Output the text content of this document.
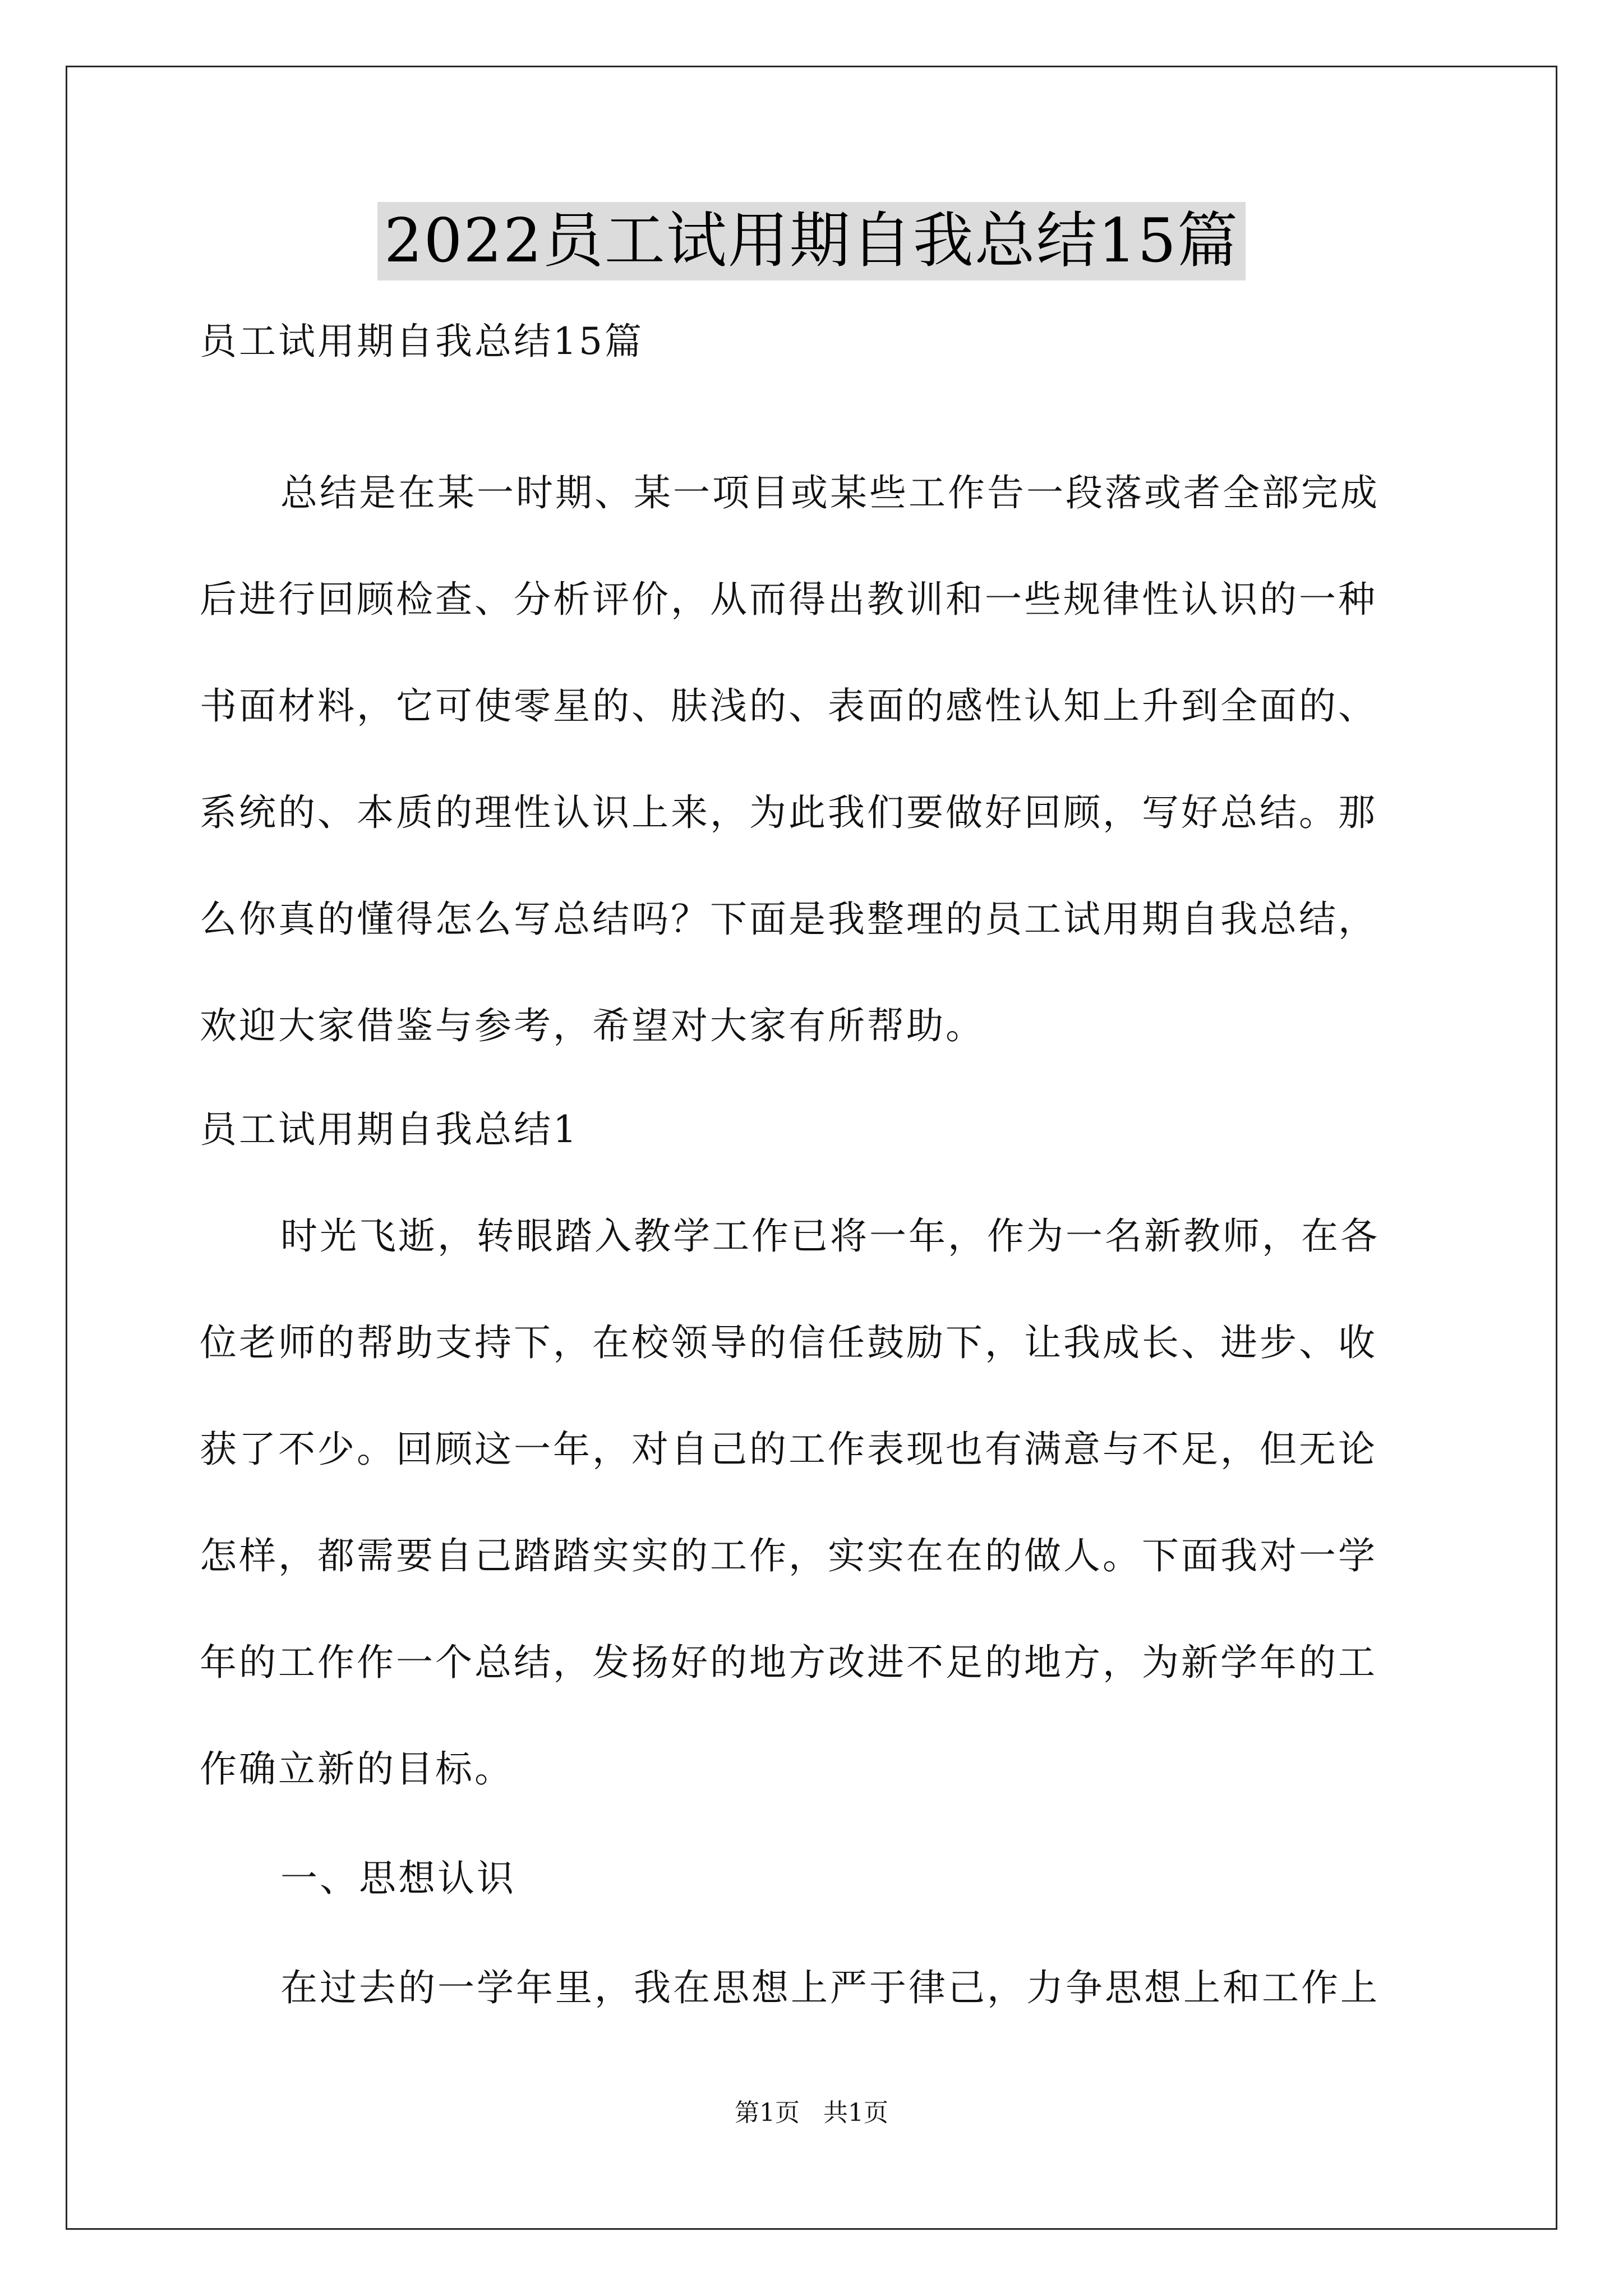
2022员工试用期自我总结15篇
员工试用期自我总结15篇
总结是在某一时期、某一项目或某些工作告一段落或者全部完成
后进行回顾检查、分析评价，从而得出教训和一些规律性认识的一种
书面材料，它可使零星的、肤浅的、表面的感性认知上升到全面的、
系统的、本质的理性认识上来，为此我们要做好回顾，写好总结。那
么你真的懂得怎么写总结吗？下面是我整理的员工试用期自我总结，
欢迎大家借鉴与参考，希望对大家有所帮助。
员工试用期自我总结1
时光飞逝，转眼踏入教学工作已将一年，作为一名新教师，在各
位老师的帮助支持下，在校领导的信任鼓励下，让我成长、进步、收
获了不少。回顾这一年，对自己的工作表现也有满意与不足，但无论
怎样，都需要自己踏踏实实的工作，实实在在的做人。下面我对一学
年的工作作一个总结，发扬好的地方改进不足的地方，为新学年的工
作确立新的目标。
一、思想认识
在过去的一学年里，我在思想上严于律己，力争思想上和工作上
第1页   共1页
